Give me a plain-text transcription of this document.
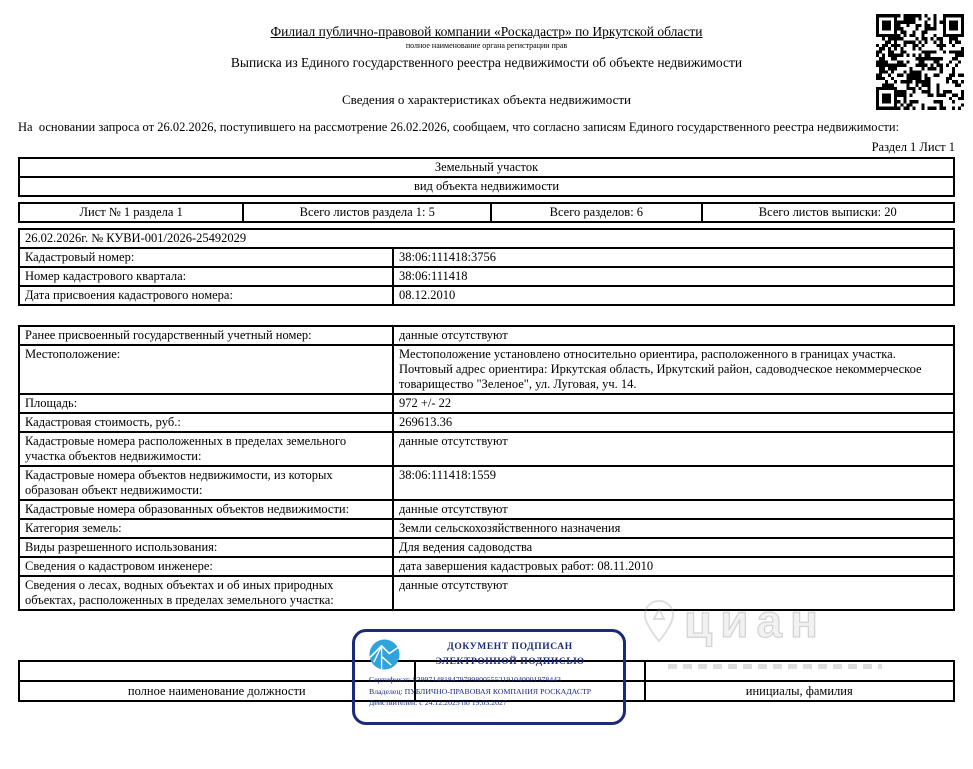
Филиал публично-правовой компании «Роскадастр» по Иркутской области
полное наименование органа регистрации прав
Выписка из Единого государственного реестра недвижимости об объекте недвижимости
Сведения о характеристиках объекта недвижимости
На  основании запроса от 26.02.2026, поступившего на рассмотрение 26.02.2026, сообщаем, что согласно записям Единого государственного реестра недвижимости:
Раздел 1 Лист 1
Земельный участок
вид объекта недвижимости
Лист № 1 раздела 1	Всего листов раздела 1: 5	Всего разделов: 6	Всего листов выписки: 20
26.02.2026г. № КУВИ-001/2026-25492029	
Кадастровый номер:	38:06:111418:3756
Номер кадастрового квартала:	38:06:111418
Дата присвоения кадастрового номера:	08.12.2010
Ранее присвоенный государственный учетный номер:	данные отсутствуют
Местоположение:	Местоположение установлено относительно ориентира, расположенного в границах участка. Почтовый адрес ориентира: Иркутская область, Иркутский район, садоводческое некоммерческое товарищество "Зеленое", ул. Луговая, уч. 14.
Площадь:	972 +/- 22
Кадастровая стоимость, руб.:	269613.36
Кадастровые номера расположенных в пределах земельного участка объектов недвижимости:	данные отсутствуют
Кадастровые номера объектов недвижимости, из которых образован объект недвижимости:	38:06:111418:1559
Кадастровые номера образованных объектов недвижимости:	данные отсутствуют
Категория земель:	Земли сельскохозяйственного назначения
Виды разрешенного использования:	Для ведения садоводства
Сведения о кадастровом инженере:	дата завершения кадастровых работ: 08.11.2010
Сведения о лесах, водных объектах и об иных природных объектах, расположенных в пределах земельного участка:	данные отсутствуют
циан

полное наименование должности		инициалы, фамилия
ДОКУМЕНТ ПОДПИСАН
ЭЛЕКТРОННОЙ ПОДПИСЬЮ
Сертификат: 83997148184797998005552191040001978443
Владелец: ПУБЛИЧНО-ПРАВОВАЯ КОМПАНИЯ РОСКАДАСТР
Действителен: с 24.12.2025 по 19.03.2027
